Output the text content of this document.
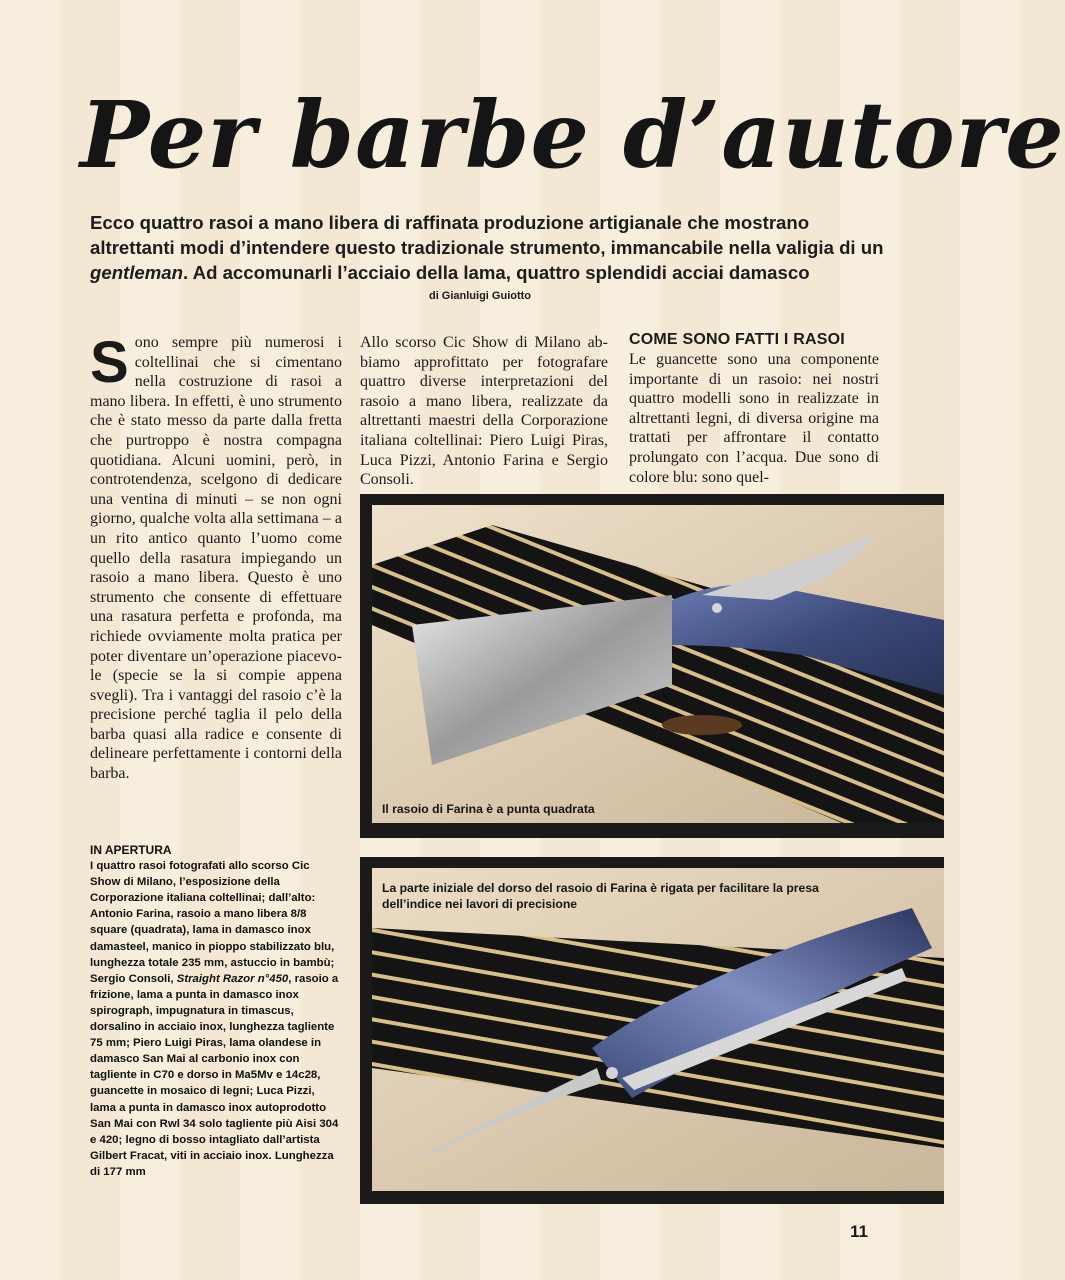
Per barbe d’autore
Ecco quattro rasoi a mano libera di raffinata produzione artigianale che mostrano altrettanti modi d’intendere questo tradizionale strumento, immancabile nella valigia di un gentleman. Ad accomunarli l’acciaio della lama, quattro splendidi acciai damasco
di Gianluigi Guiotto
Sono sempre più numerosi i coltellinai che si cimentano nella costruzione di rasoi a mano libera. In effetti, è uno strumento che è stato messo da parte dalla fretta che purtroppo è nostra compagna quotidiana. Alcuni uomini, però, in controtendenza, scelgono di dedicare una ventina di minuti – se non ogni giorno, qualche volta alla settimana – a un rito antico quanto l’uomo come quello della rasatura impiegando un rasoio a mano libera. Questo è uno strumento che consente di effettuare una rasatura perfetta e profonda, ma richiede ovviamente molta pratica per poter diventare un’operazione piacevole (specie se la si compie appena svegli). Tra i vantaggi del rasoio c’è la precisione perché taglia il pelo della barba quasi alla radice e consente di delineare perfettamente i contorni della barba.
Allo scorso Cic Show di Milano abbiamo approfittato per fotografare quattro diverse interpretazioni del rasoio a mano libera, realizzate da altrettanti maestri della Corporazione italiana coltellinai: Piero Luigi Piras, Luca Pizzi, Antonio Farina e Sergio Consoli.
COME SONO FATTI I RASOI
Le guancette sono una componente importante di un rasoio: nei nostri quattro modelli sono in realizzate in altrettanti legni, di diversa origine ma trattati per affrontare il contatto prolungato con l’acqua. Due sono di colore blu: sono quel-
IN APERTURA
I quattro rasoi fotografati allo scorso Cic Show di Milano, l’esposizione della Corporazione italiana coltellinai; dall’alto: Antonio Farina, rasoio a mano libera 8/8 square (quadrata), lama in damasco inox damasteel, manico in pioppo stabilizzato blu, lunghezza totale 235 mm, astuccio in bambù; Sergio Consoli, Straight Razor n°450, rasoio a frizione, lama a punta in damasco inox spirograph, impugnatura in timascus, dorsalino in acciaio inox, lunghezza tagliente 75 mm; Piero Luigi Piras, lama olandese in damasco San Mai al carbonio inox con tagliente in C70 e dorso in Ma5Mv e 14c28, guancette in mosaico di legni; Luca Pizzi, lama a punta in damasco inox autoprodotto San Mai con Rwl 34 solo tagliente più Aisi 304 e 420; legno di bosso intagliato dall’artista Gilbert Fracat, viti in acciaio inox. Lunghezza di 177 mm
Il rasoio di Farina è a punta quadrata
La parte iniziale del dorso del rasoio di Farina è rigata per facilitare la presa dell’indice nei lavori di precisione
11
